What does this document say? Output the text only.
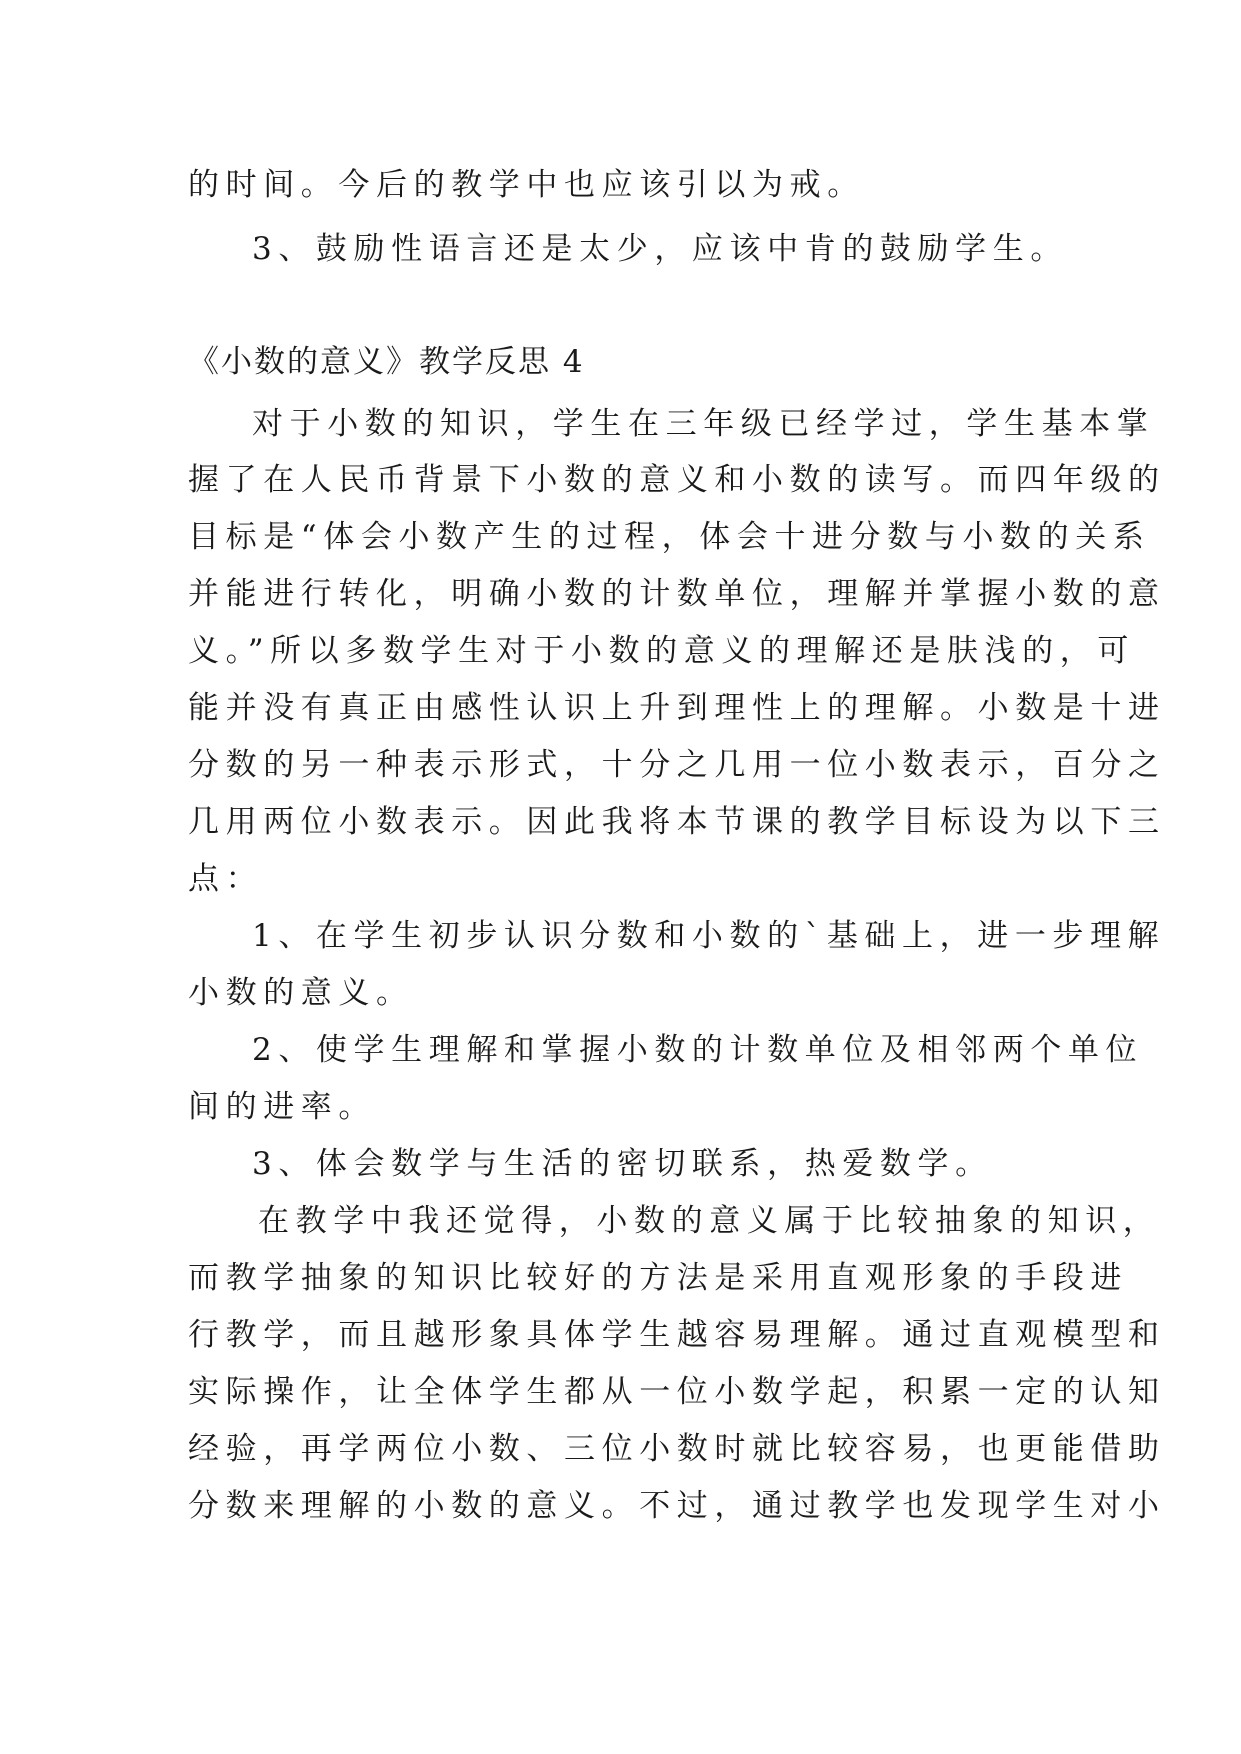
的时间。今后的教学中也应该引以为戒。
3、鼓励性语言还是太少，应该中肯的鼓励学生。
《小数的意义》教学反思 4
对于小数的知识，学生在三年级已经学过，学生基本掌
握了在人民币背景下小数的意义和小数的读写。而四年级的
目标是“体会小数产生的过程，体会十进分数与小数的关系
并能进行转化，明确小数的计数单位，理解并掌握小数的意
义。”所以多数学生对于小数的意义的理解还是肤浅的，可
能并没有真正由感性认识上升到理性上的理解。小数是十进
分数的另一种表示形式，十分之几用一位小数表示，百分之
几用两位小数表示。因此我将本节课的教学目标设为以下三
点：
1、在学生初步认识分数和小数的`基础上，进一步理解
小数的意义。
2、使学生理解和掌握小数的计数单位及相邻两个单位
间的进率。
3、体会数学与生活的密切联系，热爱数学。
在教学中我还觉得，小数的意义属于比较抽象的知识，
而教学抽象的知识比较好的方法是采用直观形象的手段进
行教学，而且越形象具体学生越容易理解。通过直观模型和
实际操作，让全体学生都从一位小数学起，积累一定的认知
经验，再学两位小数、三位小数时就比较容易，也更能借助
分数来理解的小数的意义。不过，通过教学也发现学生对小
